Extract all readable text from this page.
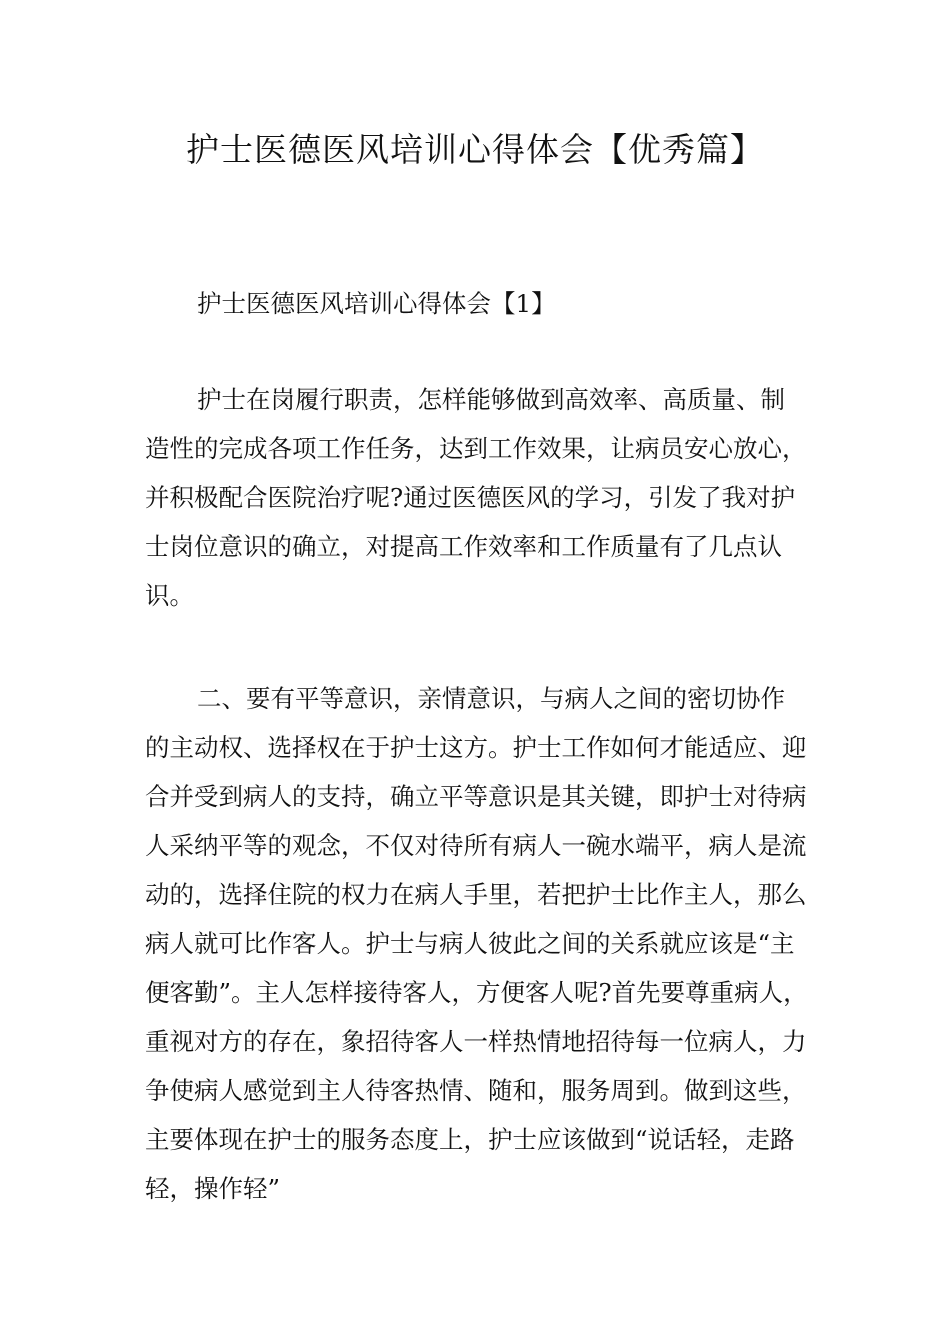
护士医德医风培训心得体会【优秀篇】

护士医德医风培训心得体会【1】

护士在岗履行职责，怎样能够做到高效率、高质量、制造性的完成各项工作任务，达到工作效果，让病员安心放心，并积极配合医院治疗呢?通过医德医风的学习，引发了我对护士岗位意识的确立，对提高工作效率和工作质量有了几点认识。

二、要有平等意识，亲情意识，与病人之间的密切协作的主动权、选择权在于护士这方。护士工作如何才能适应、迎合并受到病人的支持，确立平等意识是其关键，即护士对待病人采纳平等的观念，不仅对待所有病人一碗水端平，病人是流动的，选择住院的权力在病人手里，若把护士比作主人，那么病人就可比作客人。护士与病人彼此之间的关系就应该是“主便客勤”。主人怎样接待客人，方便客人呢?首先要尊重病人，重视对方的存在，象招待客人一样热情地招待每一位病人，力争使病人感觉到主人待客热情、随和，服务周到。做到这些，主要体现在护士的服务态度上，护士应该做到“说话轻，走路轻，操作轻”
